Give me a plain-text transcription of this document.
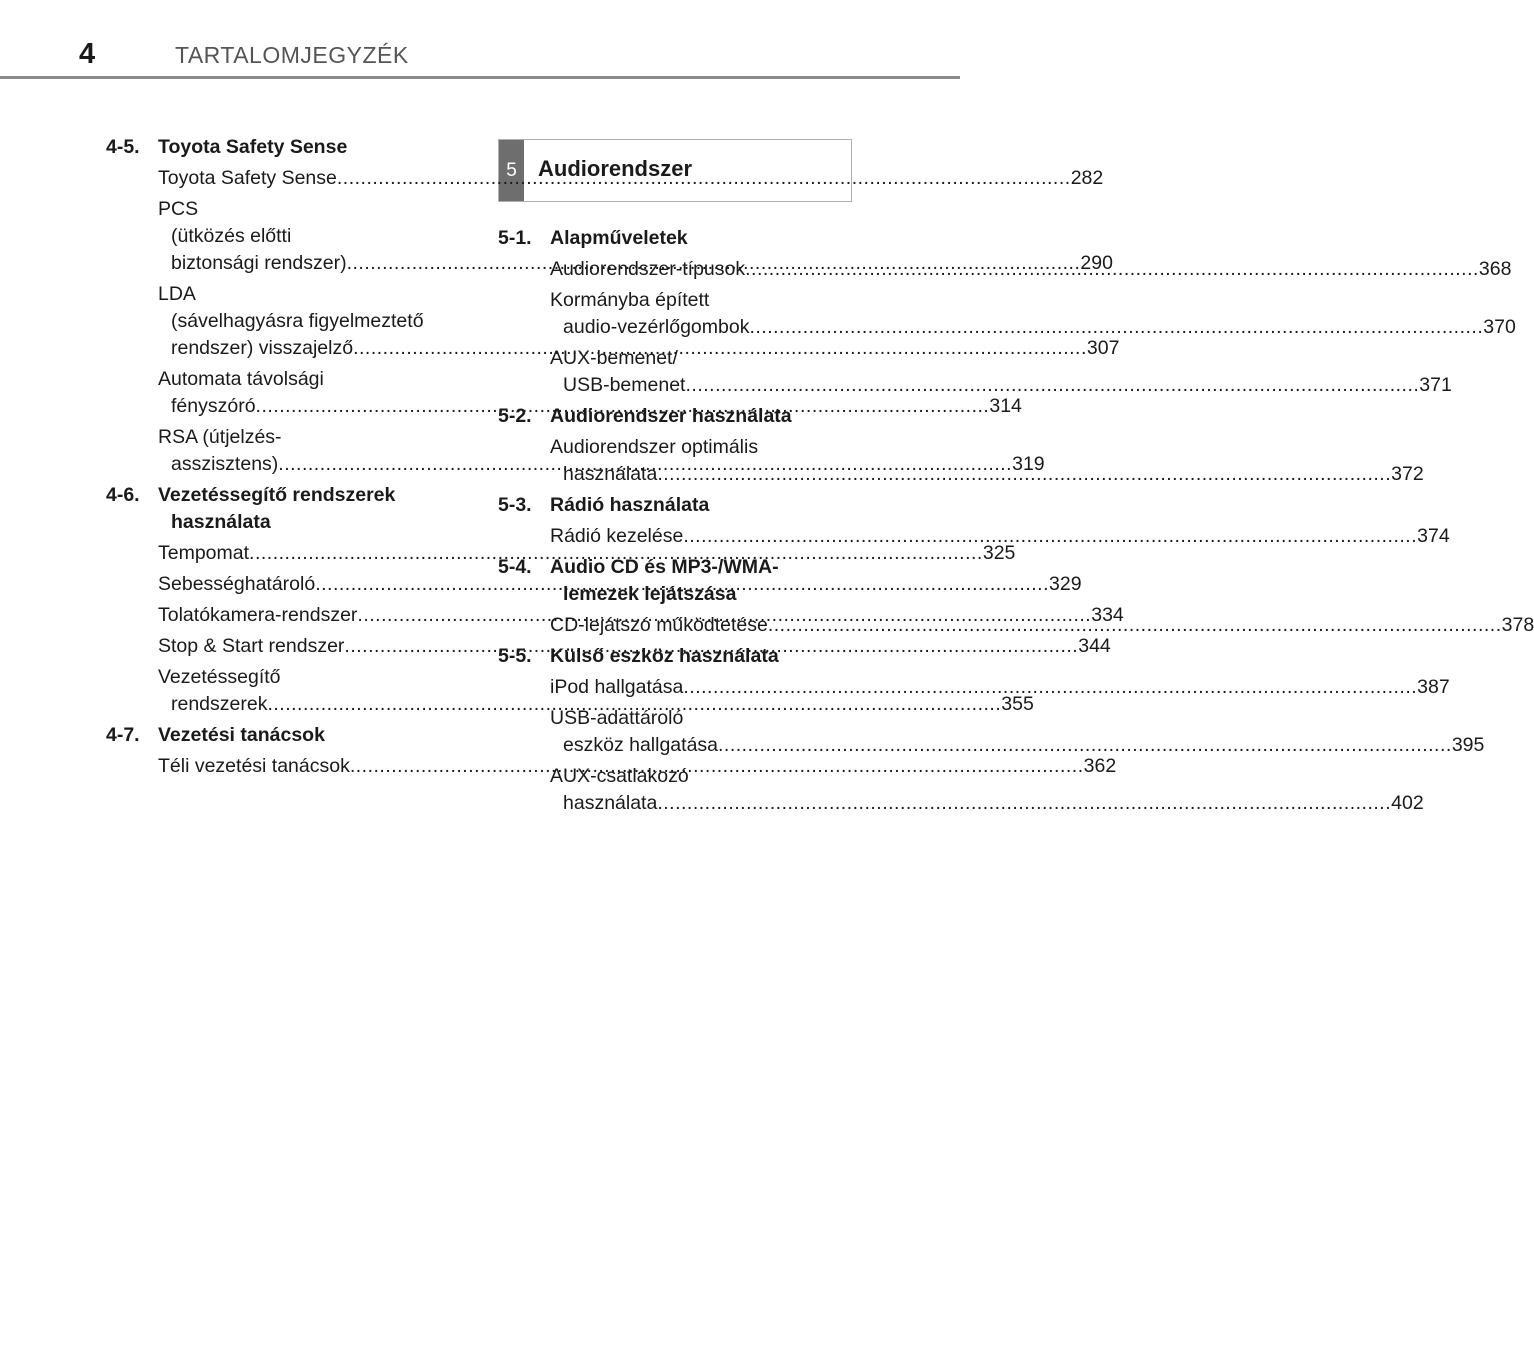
4	TARTALOMJEGYZÉK
5 Audiorendszer
4-5. Toyota Safety Sense
Toyota Safety Sense .....	282
PCS
(ütközés előtti
biztonsági rendszer) .....	290
LDA
(sávelhagyásra figyelmeztető
rendszer) visszajelző .....	307
Automata távolsági
fényszóró .....	314
RSA (útjelzés-
asszisztens) .....	319
4-6. Vezetéssegítő rendszerek
használata
Tempomat .....	325
Sebességhatároló .....	329
Tolatókamera-rendszer .....	334
Stop & Start rendszer .....	344
Vezetéssegítő
rendszerek .....	355
4-7. Vezetési tanácsok
Téli vezetési tanácsok .....	362
5-1. Alapműveletek
Audiorendszer-típusok .....	368
Kormányba épített
audio-vezérlőgombok .....	370
AUX-bemenet/
USB-bemenet .....	371
5-2. Audiorendszer használata
Audiorendszer optimális
használata .....	372
5-3. Rádió használata
Rádió kezelése .....	374
5-4. Audio CD és MP3-/WMA-
lemezek lejátszása
CD-lejátszó működtetése .....	378
5-5. Külső eszköz használata
iPod hallgatása .....	387
USB-adattároló
eszköz hallgatása .....	395
AUX-csatlakozó
használata .....	402
